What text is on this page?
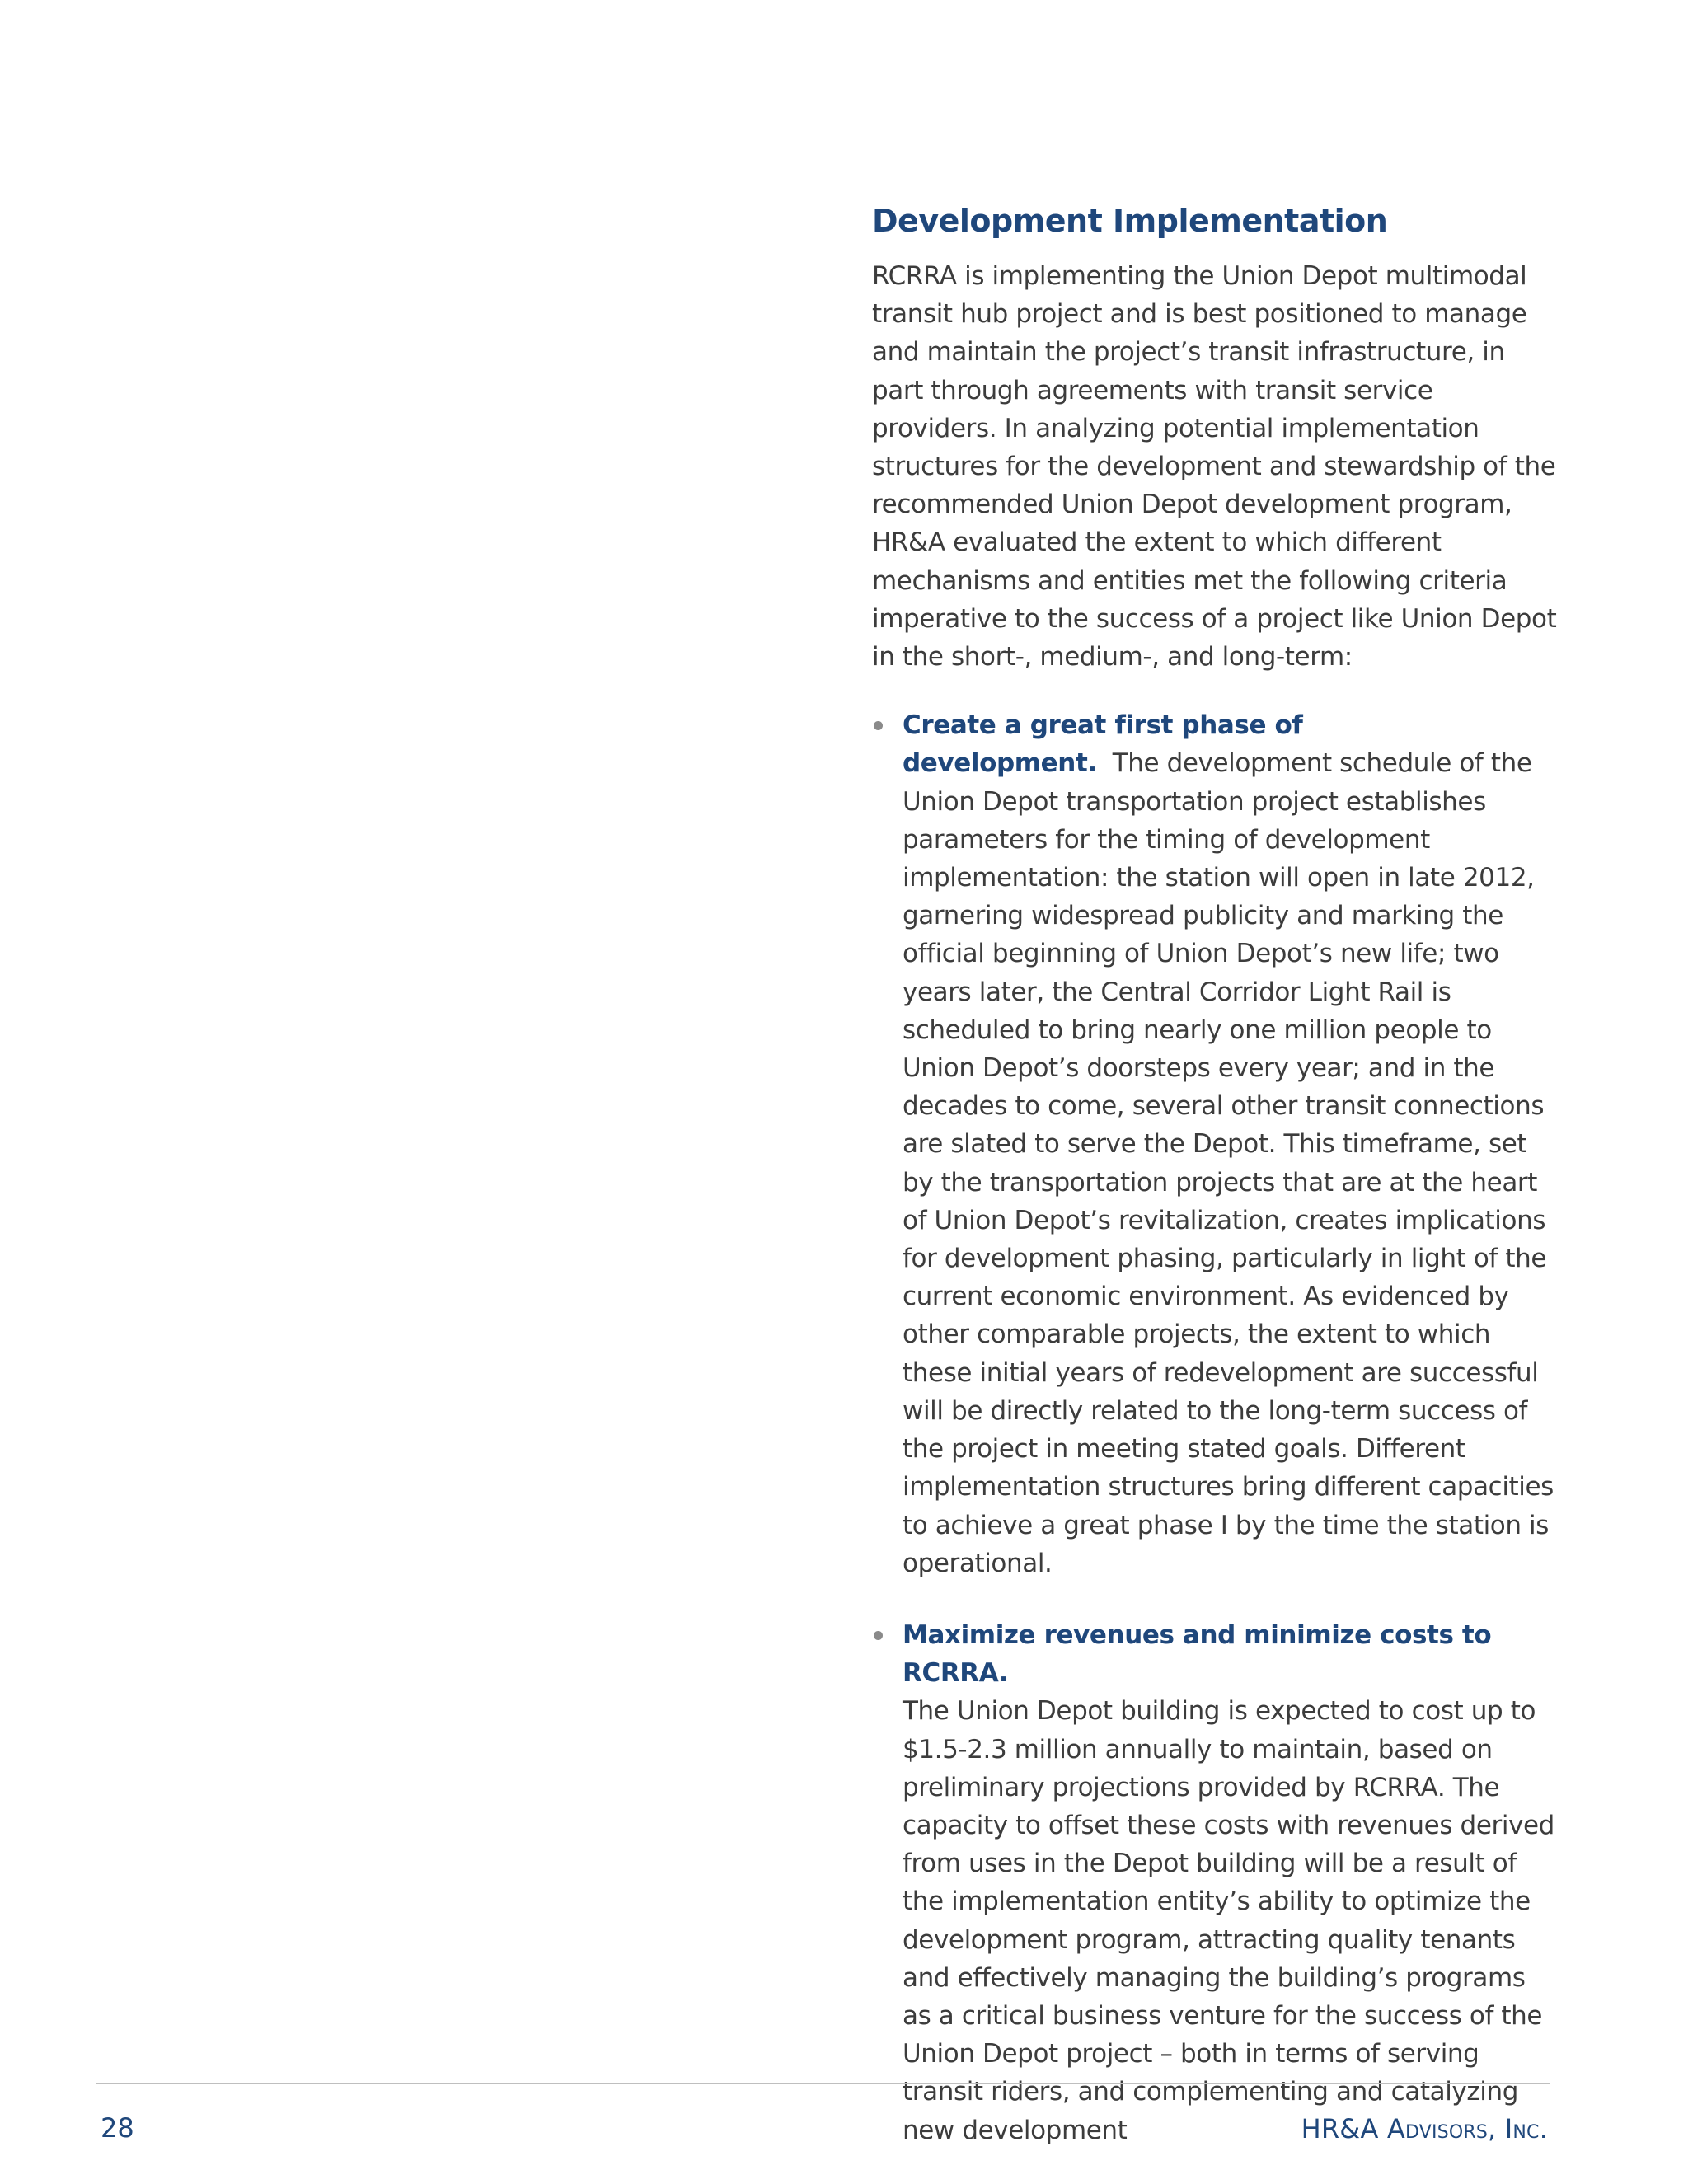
Development Implementation

RCRRA is implementing the Union Depot multimodal transit hub project and is best positioned to manage and maintain the project’s transit infrastructure, in part through agreements with transit service providers. In analyzing potential implementation structures for the development and stewardship of the recommended Union Depot development program, HR&A evaluated the extent to which different mechanisms and entities met the following criteria imperative to the success of a project like Union Depot in the short-, medium-, and long-term:

Create a great first phase of development. The development schedule of the Union Depot transportation project establishes parameters for the timing of development implementation: the station will open in late 2012, garnering widespread publicity and marking the official beginning of Union Depot’s new life; two years later, the Central Corridor Light Rail is scheduled to bring nearly one million people to Union Depot’s doorsteps every year; and in the decades to come, several other transit connections are slated to serve the Depot. This timeframe, set by the transportation projects that are at the heart of Union Depot’s revitalization, creates implications for development phasing, particularly in light of the current economic environment. As evidenced by other comparable projects, the extent to which these initial years of redevelopment are successful will be directly related to the long-term success of the project in meeting stated goals. Different implementation structures bring different capacities to achieve a great phase I by the time the station is operational.
Maximize revenues and minimize costs to RCRRA.
The Union Depot building is expected to cost up to $1.5-2.3 million annually to maintain, based on preliminary projections provided by RCRRA. The capacity to offset these costs with revenues derived from uses in the Depot building will be a result of the implementation entity’s ability to optimize the development program, attracting quality tenants and effectively managing the building’s programs as a critical business venture for the success of the Union Depot project – both in terms of serving transit riders, and complementing and catalyzing new development
28	HR&A Advisors, Inc.
